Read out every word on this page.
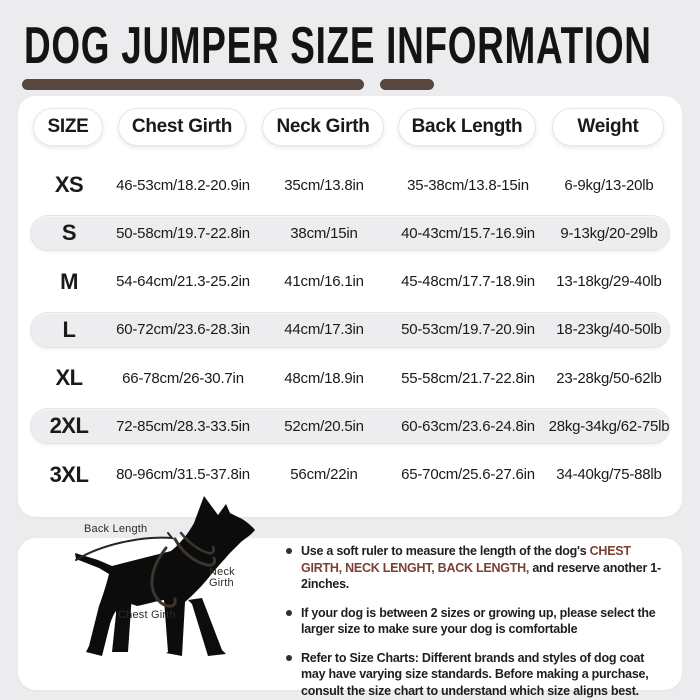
DOG JUMPER SIZE INFORMATION
SIZE	Chest Girth	Neck Girth	Back Length	Weight
XS 46-53cm/18.2-20.9in 35cm/13.8in	35-38cm/13.8-15in 6-9kg/13-20lb
S	50-58cm/19.7-22.8in	38cm/15in	40-43cm/15.7-16.9in 9-13kg/20-29lb
M	54-64cm/21.3-25.2in 41cm/16.1in 45-48cm/17.7-18.9in 13-18kg/29-40lb
L	60-72cm/23.6-28.3in 44cm/17.3in 50-53cm/19.7-20.9in 18-23kg/40-50lb
XL	66-78cm/26-30.7in	48cm/18.9in 55-58cm/21.7-22.8in 23-28kg/50-62lb
2XL 72-85cm/28.3-33.5in 52cm/20.5in 60-63cm/23.6-24.8in 28kg-34kg/62-75lb
3XL 80-96cm/31.5-37.8in	56cm/22in	65-70cm/25.6-27.6in 34-40kg/75-88lb
Back Length
Neck
Girth
Chest Girth
Use a soft ruler to measure the length of the dog's CHEST GIRTH, NECK LENGHT, BACK LENGTH, and reserve another 1- 2inches.
If your dog is between 2 sizes or growing up, please select the larger size to make sure your dog is comfortable
Refer to Size Charts: Different brands and styles of dog coat may have varying size standards. Before making a purchase, consult the size chart to understand which size aligns best.
